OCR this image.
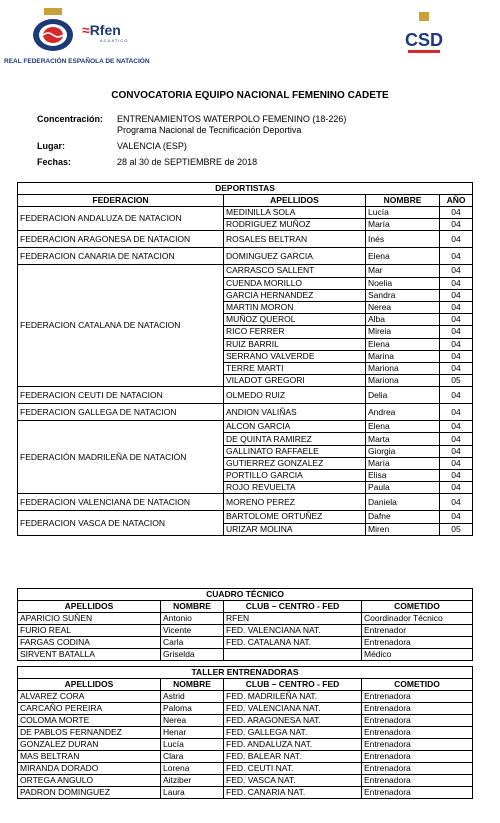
≈Rfen
ACUATICO	CSD
REAL FEDERACIÓN ESPAÑOLA DE NATACIÓN
CONVOCATORIA EQUIPO NACIONAL FEMENINO CADETE
Concentración: ENTRENAMIENTOS WATERPOLO FEMENINO (18-226)
Programa Nacional de Tecnificación Deportiva
Lugar:	VALENCIA (ESP)
Fechas:	28 al 30 de SEPTIEMBRE de 2018
DEPORTISTAS			
FEDERACION	APELLIDOS	NOMBRE	AÑO
FEDERACION ANDALUZA DE NATACION	MEDINILLA SOLA	Lucía	04
	RODRIGUEZ MUÑOZ	María	04
FEDERACION ARAGONESA DE NATACION	ROSALES BELTRAN	Inés	04
FEDERACION CANARIA DE NATACION	DOMINGUEZ GARCIA	Elena	04
FEDERACION CATALANA DE NATACION	CARRASCO SALLENT	Mar	04
	CUENDA MORILLO	Noelia	04
	GARCIA HERNANDEZ	Sandra	04
	MARTIN MORON	Nerea	04
	MUÑOZ QUEROL	Alba	04
	RICO FERRER	Mireia	04
	RUIZ BARRIL	Elena	04
	SERRANO VALVERDE	Marina	04
	TERRE MARTI	Mariona	04
	VILADOT GREGORI	Mariona	05
FEDERACION CEUTI DE NATACION	OLMEDO RUIZ	Delia	04
FEDERACION GALLEGA DE NATACION	ANDION VALIÑAS	Andrea	04
FEDERACIÓN MADRILEÑA DE NATACIÓN	ALCON GARCIA	Elena	04
	DE QUINTA RAMIREZ	Marta	04
	GALLINATO RAFFAELE	Giorgia	04
	GUTIERREZ GONZALEZ	María	04
	PORTILLO GARCIA	Elisa	04
	ROJO REVUELTA	Paula	04
FEDERACION VALENCIANA DE NATACION	MORENO PEREZ	Daniela	04
FEDERACION VASCA DE NATACION	BARTOLOME ORTUÑEZ	Dafne	04
	URIZAR MOLINA	Miren	05
CUADRO TÉCNICO			
APELLIDOS	NOMBRE	CLUB – CENTRO - FED	COMETIDO
APARICIO SUÑEN	Antonio	RFEN	Coordinador Técnico
FURIO REAL	Vicente	FED. VALENCIANA NAT.	Entrenador
FARGAS CODINA	Carla	FED. CATALANA NAT.	Entrenadora
SIRVENT BATALLA	Griselda		Médico
TALLER ENTRENADORAS			
APELLIDOS	NOMBRE	CLUB – CENTRO - FED	COMETIDO
ALVAREZ CORA	Astrid	FED. MADRILEÑA NAT.	Entrenadora
CARCAÑO PEREIRA	Paloma	FED. VALENCIANA NAT.	Entrenadora
COLOMA MORTE	Nerea	FED. ARAGONESA NAT.	Entrenadora
DE PABLOS FERNANDEZ	Henar	FED. GALLEGA NAT.	Entrenadora
GONZALEZ DURAN	Lucía	FED. ANDALUZA NAT.	Entrenadora
MAS BELTRAN	Clara	FED. BALEAR NAT.	Entrenadora
MIRANDA DORADO	Lorena	FED. CEUTI NAT.	Entrenadora
ORTEGA ANGULO	Aitziber	FED. VASCA NAT.	Entrenadora
PADRON DOMINGUEZ	Laura	FED. CANARIA NAT.	Entrenadora
